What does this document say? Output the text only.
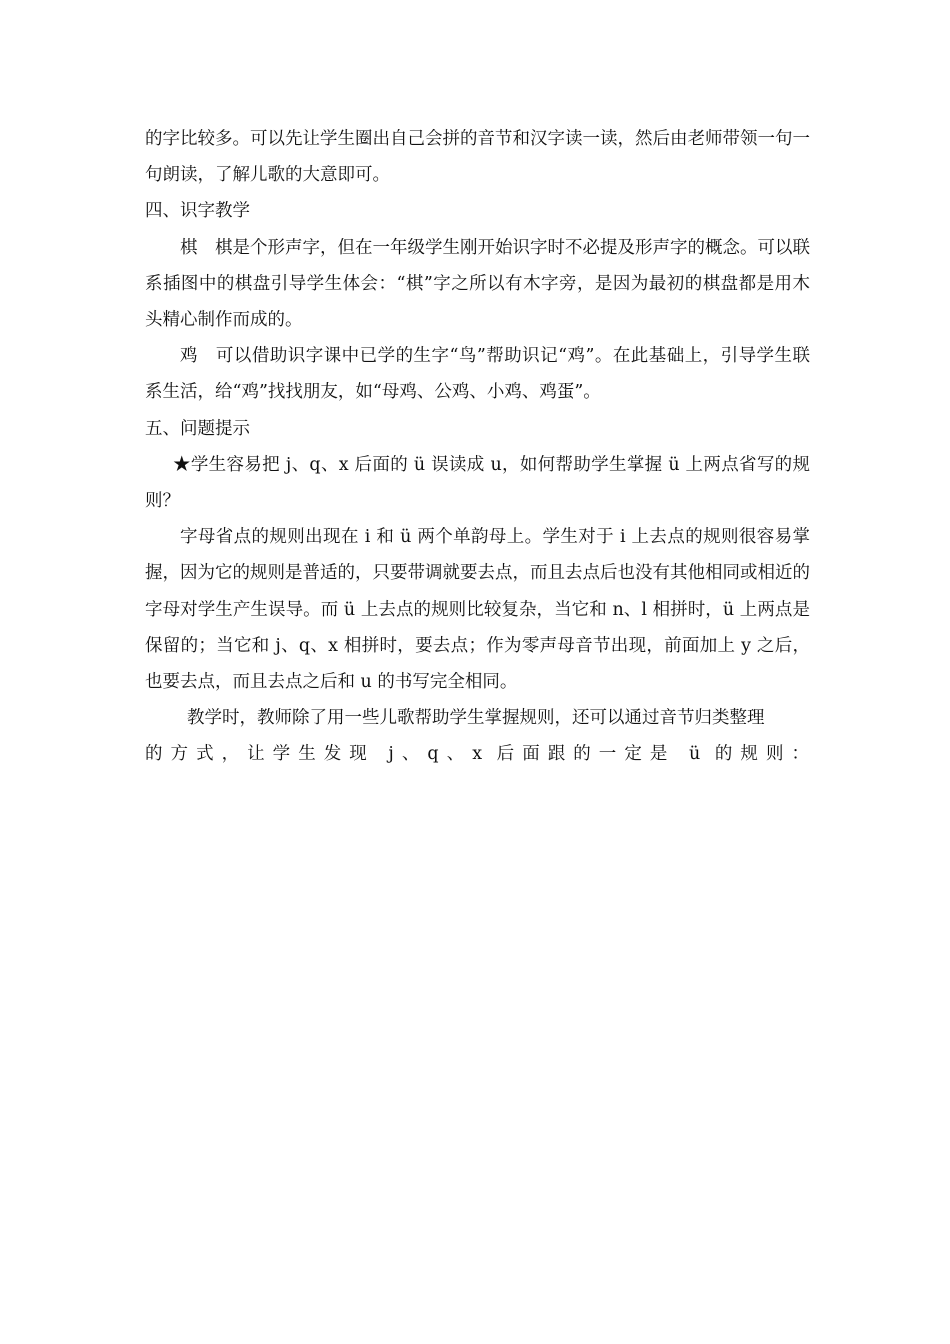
的字比较多。可以先让学生圈出自己会拼的音节和汉字读一读，然后由老师带领一句一句朗读，了解儿歌的大意即可。

四、识字教学

棋　棋是个形声字，但在一年级学生刚开始识字时不必提及形声字的概念。可以联系插图中的棋盘引导学生体会：“棋”字之所以有木字旁，是因为最初的棋盘都是用木头精心制作而成的。

鸡　可以借助识字课中已学的生字“鸟”帮助识记“鸡”。在此基础上，引导学生联系生活，给“鸡”找找朋友，如“母鸡、公鸡、小鸡、鸡蛋”。

五、问题提示

★学生容易把 j、q、x 后面的 ü 误读成 u，如何帮助学生掌握 ü 上两点省写的规则？

字母省点的规则出现在 i 和 ü 两个单韵母上。学生对于 i 上去点的规则很容易掌握，因为它的规则是普适的，只要带调就要去点，而且去点后也没有其他相同或相近的字母对学生产生误导。而 ü 上去点的规则比较复杂，当它和 n、l 相拼时，ü 上两点是保留的；当它和 j、q、x 相拼时，要去点；作为零声母音节出现，前面加上 y 之后，也要去点，而且去点之后和 u 的书写完全相同。

教学时，教师除了用一些儿歌帮助学生掌握规则，还可以通过音节归类整理

的方式，让学生发现 j、q、x 后面跟的一定是 ü 的规则：
